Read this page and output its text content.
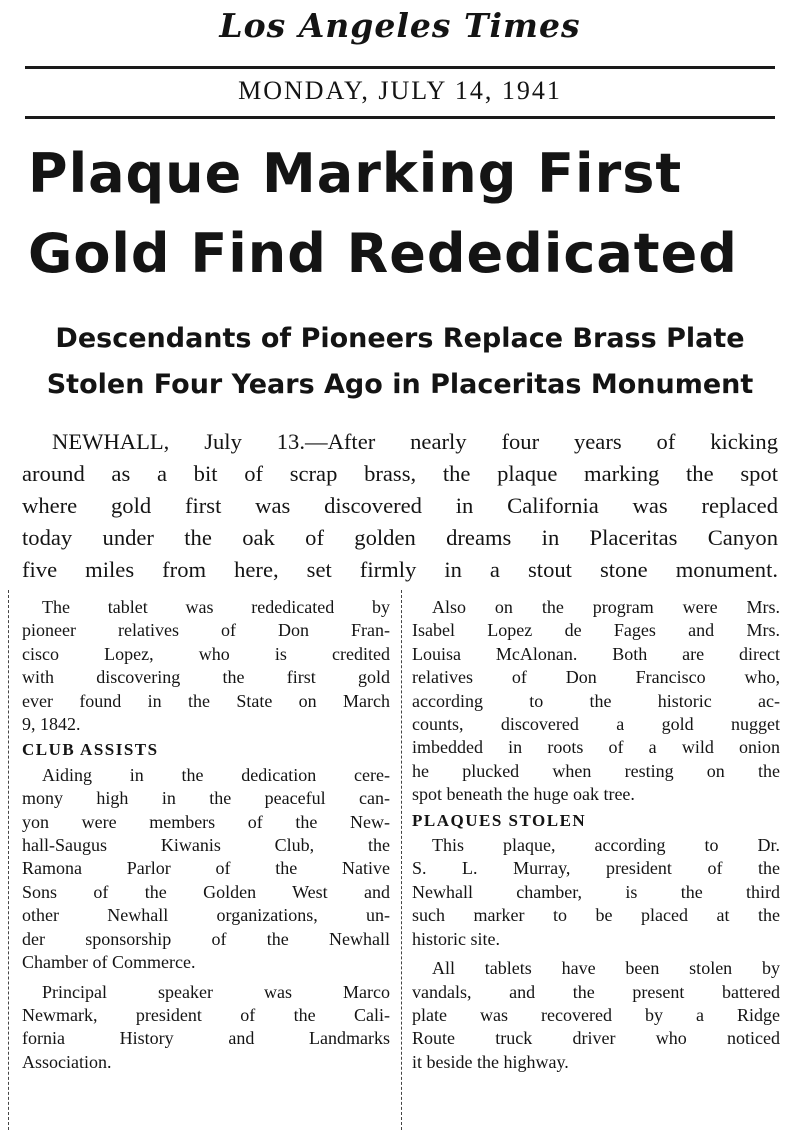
Los Angeles Times
MONDAY, JULY 14, 1941
Plaque Marking First
Gold Find Rededicated
Descendants of Pioneers Replace Brass Plate
Stolen Four Years Ago in Placeritas Monument
NEWHALL, July 13.—After nearly four years of kicking
around as a bit of scrap brass, the plaque marking the spot
where gold first was discovered in California was replaced
today under the oak of golden dreams in Placeritas Canyon
five miles from here, set firmly in a stout stone monument.
The tablet was rededicated by
pioneer relatives of Don Fran-
cisco Lopez, who is credited
with discovering the first gold
ever found in the State on March
9, 1842.
CLUB ASSISTS
Aiding in the dedication cere-
mony high in the peaceful can-
yon were members of the New-
hall-Saugus Kiwanis Club, the
Ramona Parlor of the Native
Sons of the Golden West and
other Newhall organizations, un-
der sponsorship of the Newhall
Chamber of Commerce.
Principal speaker was Marco
Newmark, president of the Cali-
fornia History and Landmarks
Association.
Also on the program were Mrs.
Isabel Lopez de Fages and Mrs.
Louisa McAlonan. Both are direct
relatives of Don Francisco who,
according to the historic ac-
counts, discovered a gold nugget
imbedded in roots of a wild onion
he plucked when resting on the
spot beneath the huge oak tree.
PLAQUES STOLEN
This plaque, according to Dr.
S. L. Murray, president of the
Newhall chamber, is the third
such marker to be placed at the
historic site.
All tablets have been stolen by
vandals, and the present battered
plate was recovered by a Ridge
Route truck driver who noticed
it beside the highway.
